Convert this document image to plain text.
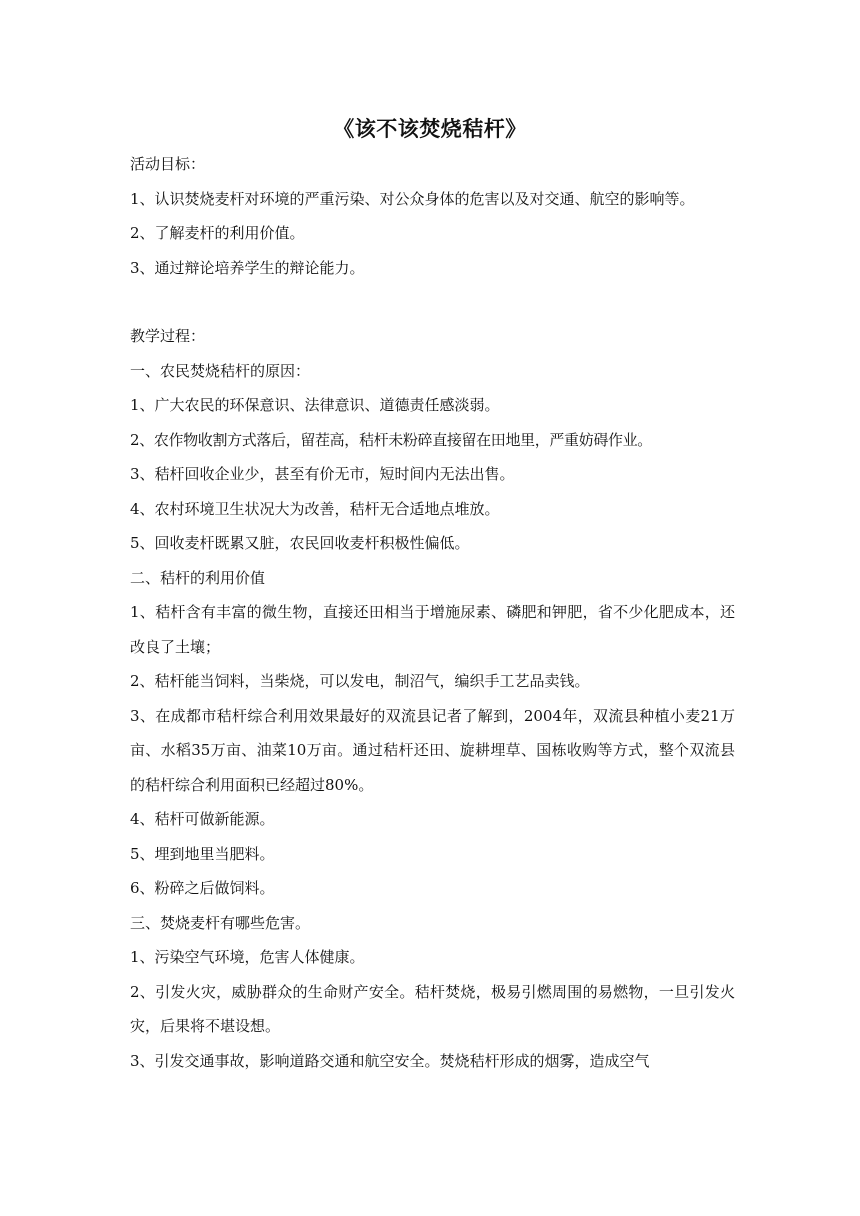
《该不该焚烧秸杆》

活动目标：

1、认识焚烧麦杆对环境的严重污染、对公众身体的危害以及对交通、航空的影响等。

2、了解麦杆的利用价值。

3、通过辩论培养学生的辩论能力。

教学过程：

一、农民焚烧秸杆的原因：

1、广大农民的环保意识、法律意识、道德责任感淡弱。

2、农作物收割方式落后，留茬高，秸杆未粉碎直接留在田地里，严重妨碍作业。

3、秸杆回收企业少，甚至有价无市，短时间内无法出售。

4、农村环境卫生状况大为改善，秸杆无合适地点堆放。

5、回收麦杆既累又脏，农民回收麦杆积极性偏低。

二、秸杆的利用价值

1、秸杆含有丰富的微生物，直接还田相当于增施尿素、磷肥和钾肥，省不少化肥成本，还改良了土壤；

2、秸杆能当饲料，当柴烧，可以发电，制沼气，编织手工艺品卖钱。

3、在成都市秸杆综合利用效果最好的双流县记者了解到，2004年，双流县种植小麦21万亩、水稻35万亩、油菜10万亩。通过秸杆还田、旋耕埋草、国栋收购等方式，整个双流县的秸杆综合利用面积已经超过80%。

4、秸杆可做新能源。

5、埋到地里当肥料。

6、粉碎之后做饲料。

三、焚烧麦杆有哪些危害。

1、污染空气环境，危害人体健康。

2、引发火灾，威胁群众的生命财产安全。秸杆焚烧，极易引燃周围的易燃物，一旦引发火灾，后果将不堪设想。

3、引发交通事故，影响道路交通和航空安全。焚烧秸杆形成的烟雾，造成空气
